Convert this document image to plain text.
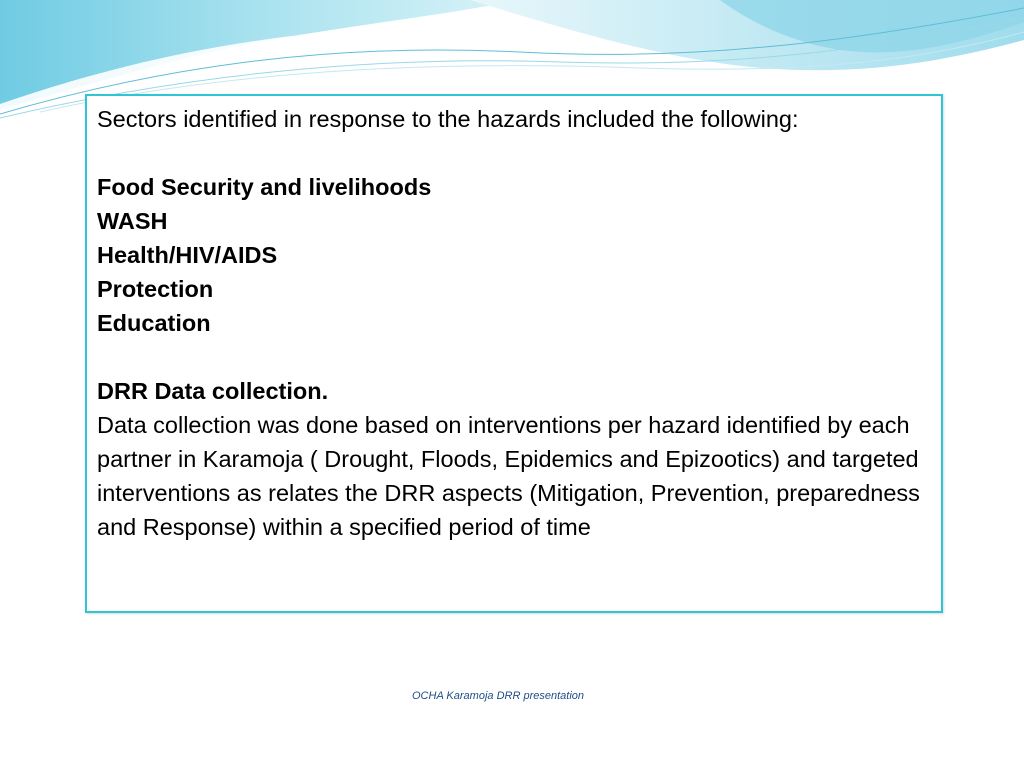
Sectors identified in response to the hazards included the following:

Food Security and livelihoods

WASH

Health/HIV/AIDS

Protection

Education

DRR Data collection.

Data collection was done based on interventions per hazard identified by each partner in Karamoja ( Drought, Floods, Epidemics and Epizootics) and targeted interventions as relates the DRR aspects (Mitigation, Prevention, preparedness and Response) within a specified period of time

OCHA Karamoja DRR presentation
